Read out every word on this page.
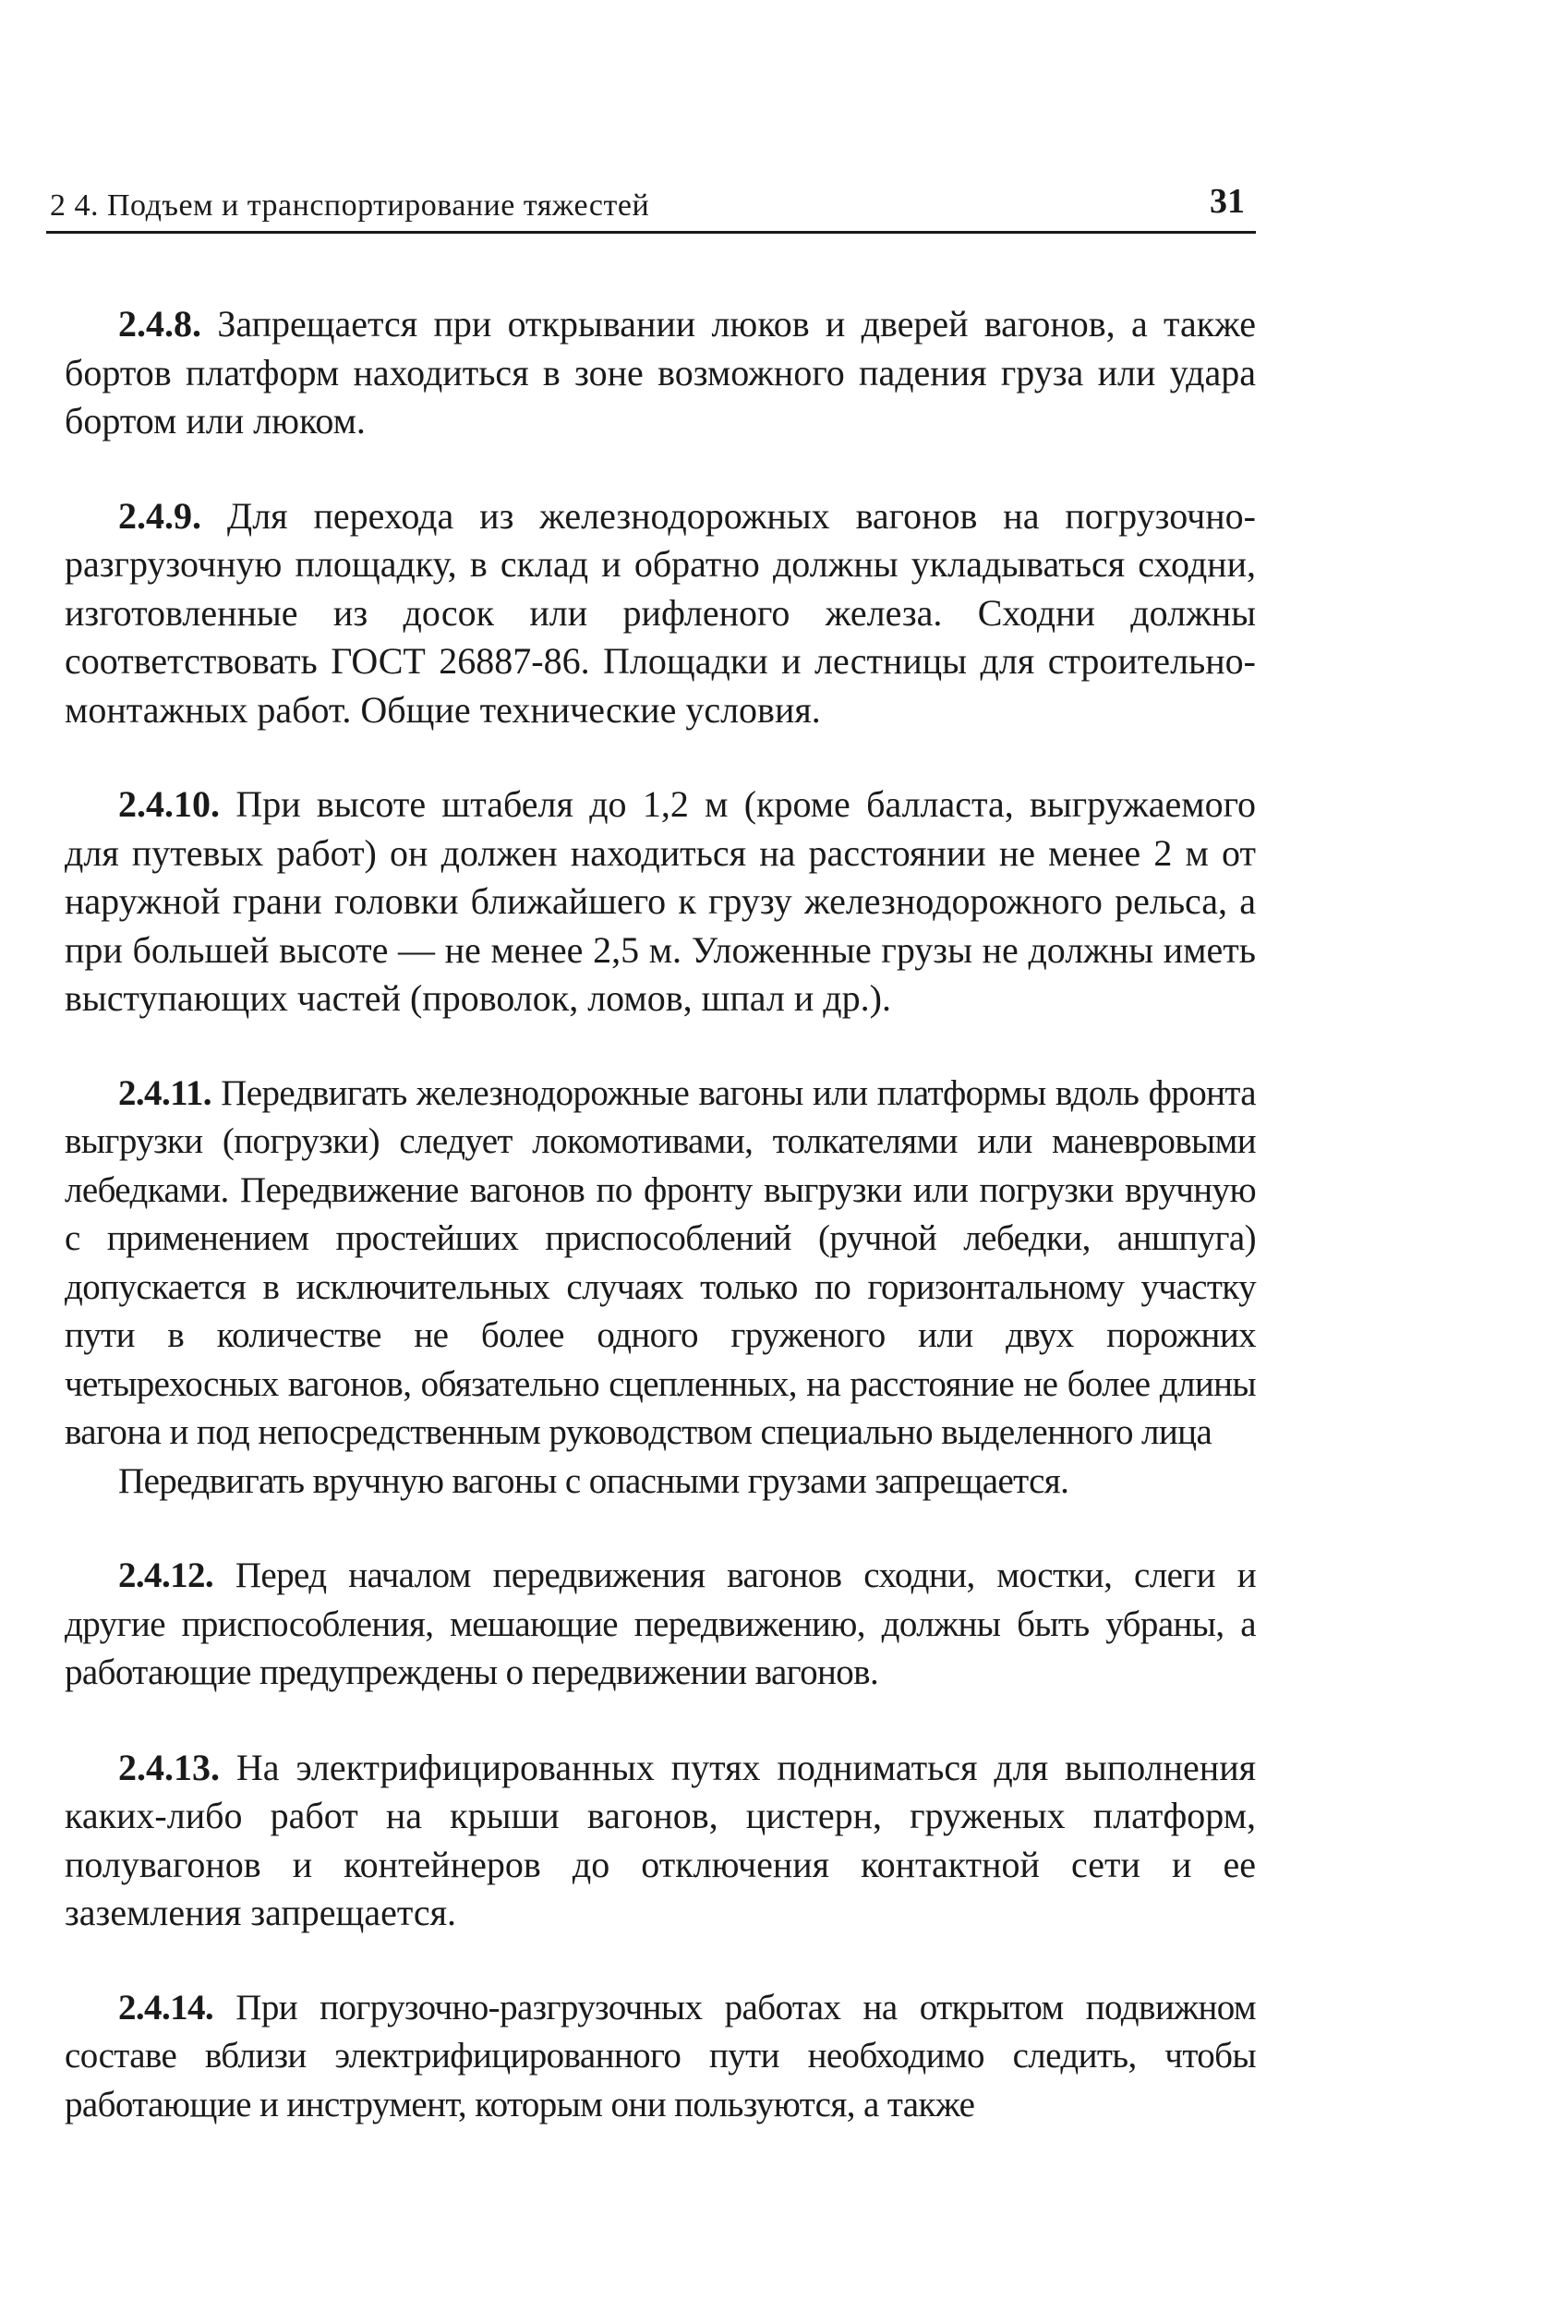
2 4. Подъем и транспортирование тяжестей	31

2.4.8. Запрещается при открывании люков и дверей вагонов, а также бортов платформ находиться в зоне возможного падения груза или удара бортом или люком.

2.4.9. Для перехода из железнодорожных вагонов на погрузочно-разгрузочную площадку, в склад и обратно должны укладываться сходни, изготовленные из досок или рифленого железа. Сходни должны соответствовать ГОСТ 26887-86. Площадки и лестницы для строительно-монтажных работ. Общие технические условия.

2.4.10. При высоте штабеля до 1,2 м (кроме балласта, выгружаемого для путевых работ) он должен находиться на расстоянии не менее 2 м от наружной грани головки ближайшего к грузу железнодорожного рельса, а при большей высоте — не менее 2,5 м. Уложенные грузы не должны иметь выступающих частей (проволок, ломов, шпал и др.).

2.4.11. Передвигать железнодорожные вагоны или платформы вдоль фронта выгрузки (погрузки) следует локомотивами, толкателями или маневровыми лебедками. Передвижение вагонов по фронту выгрузки или погрузки вручную с применением простейших приспособлений (ручной лебедки, аншпуга) допускается в исключительных случаях только по горизонтальному участку пути в количестве не более одного груженого или двух порожних четырехосных вагонов, обязательно сцепленных, на расстояние не более длины вагона и под непосредственным руководством специально выделенного лица

Передвигать вручную вагоны с опасными грузами запрещается.

2.4.12. Перед началом передвижения вагонов сходни, мостки, слеги и другие приспособления, мешающие передвижению, должны быть убраны, а работающие предупреждены о передвижении вагонов.

2.4.13. На электрифицированных путях подниматься для выполнения каких-либо работ на крыши вагонов, цистерн, груженых платформ, полувагонов и контейнеров до отключения контактной сети и ее заземления запрещается.

2.4.14. При погрузочно-разгрузочных работах на открытом подвижном составе вблизи электрифицированного пути необходимо следить, чтобы работающие и инструмент, которым они пользуются, а также
